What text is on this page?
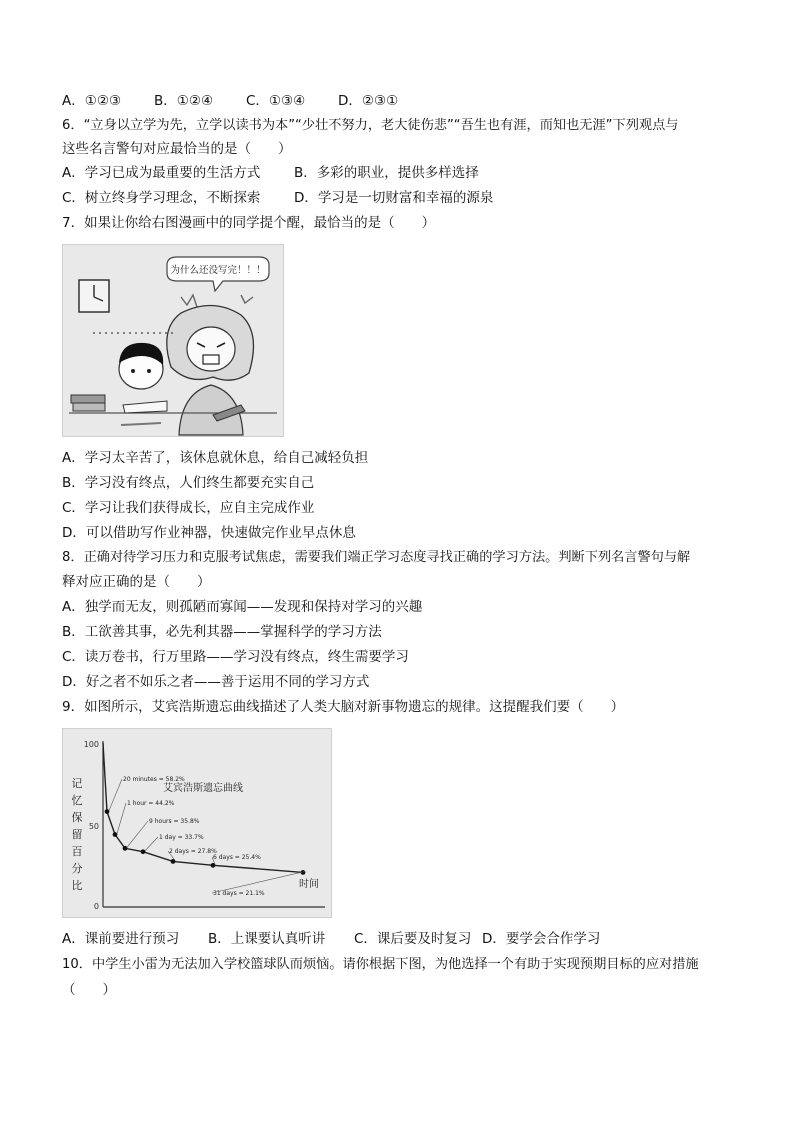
A．①②③ B．①②④ C．①③④ D．②③①
6．“立身以立学为先，立学以读书为本”“少壮不努力，老大徒伤悲”“吾生也有涯，而知也无涯”下列观点与
这些名言警句对应最恰当的是（　　）
A．学习已成为最重要的生活方式	B．多彩的职业，提供多样选择
C．树立终身学习理念，不断探索 D．学习是一切财富和幸福的源泉
7．如果让你给右图漫画中的同学提个醒，最恰当的是（　　）
为什么还没写完！！！
A．学习太辛苦了，该休息就休息，给自己减轻负担
B．学习没有终点，人们终生都要充实自己
C．学习让我们获得成长，应自主完成作业
D．可以借助写作业神器，快速做完作业早点休息
8．正确对待学习压力和克服考试焦虑，需要我们端正学习态度寻找正确的学习方法。判断下列名言警句与解
释对应正确的是（　　）
A．独学而无友，则孤陋而寡闻——发现和保持对学习的兴趣
B．工欲善其事，必先利其器——掌握科学的学习方法
C．读万卷书，行万里路——学习没有终点，终生需要学习
D．好之者不如乐之者——善于运用不同的学习方式
9．如图所示，艾宾浩斯遗忘曲线描述了人类大脑对新事物遗忘的规律。这提醒我们要（　　）
100
50
0
艾宾浩斯遗忘曲线
时间
记
忆
保
留
百
分
比
20 minutes = 58.2%
1 hour = 44.2%
9 hours = 35.8%
1 day = 33.7%
2 days = 27.8%
6 days = 25.4%
31 days = 21.1%
A．课前要进行预习 B．上课要认真听讲 C．课后要及时复习 D．要学会合作学习
10．中学生小雷为无法加入学校篮球队而烦恼。请你根据下图，为他选择一个有助于实现预期目标的应对措施
（　　）
